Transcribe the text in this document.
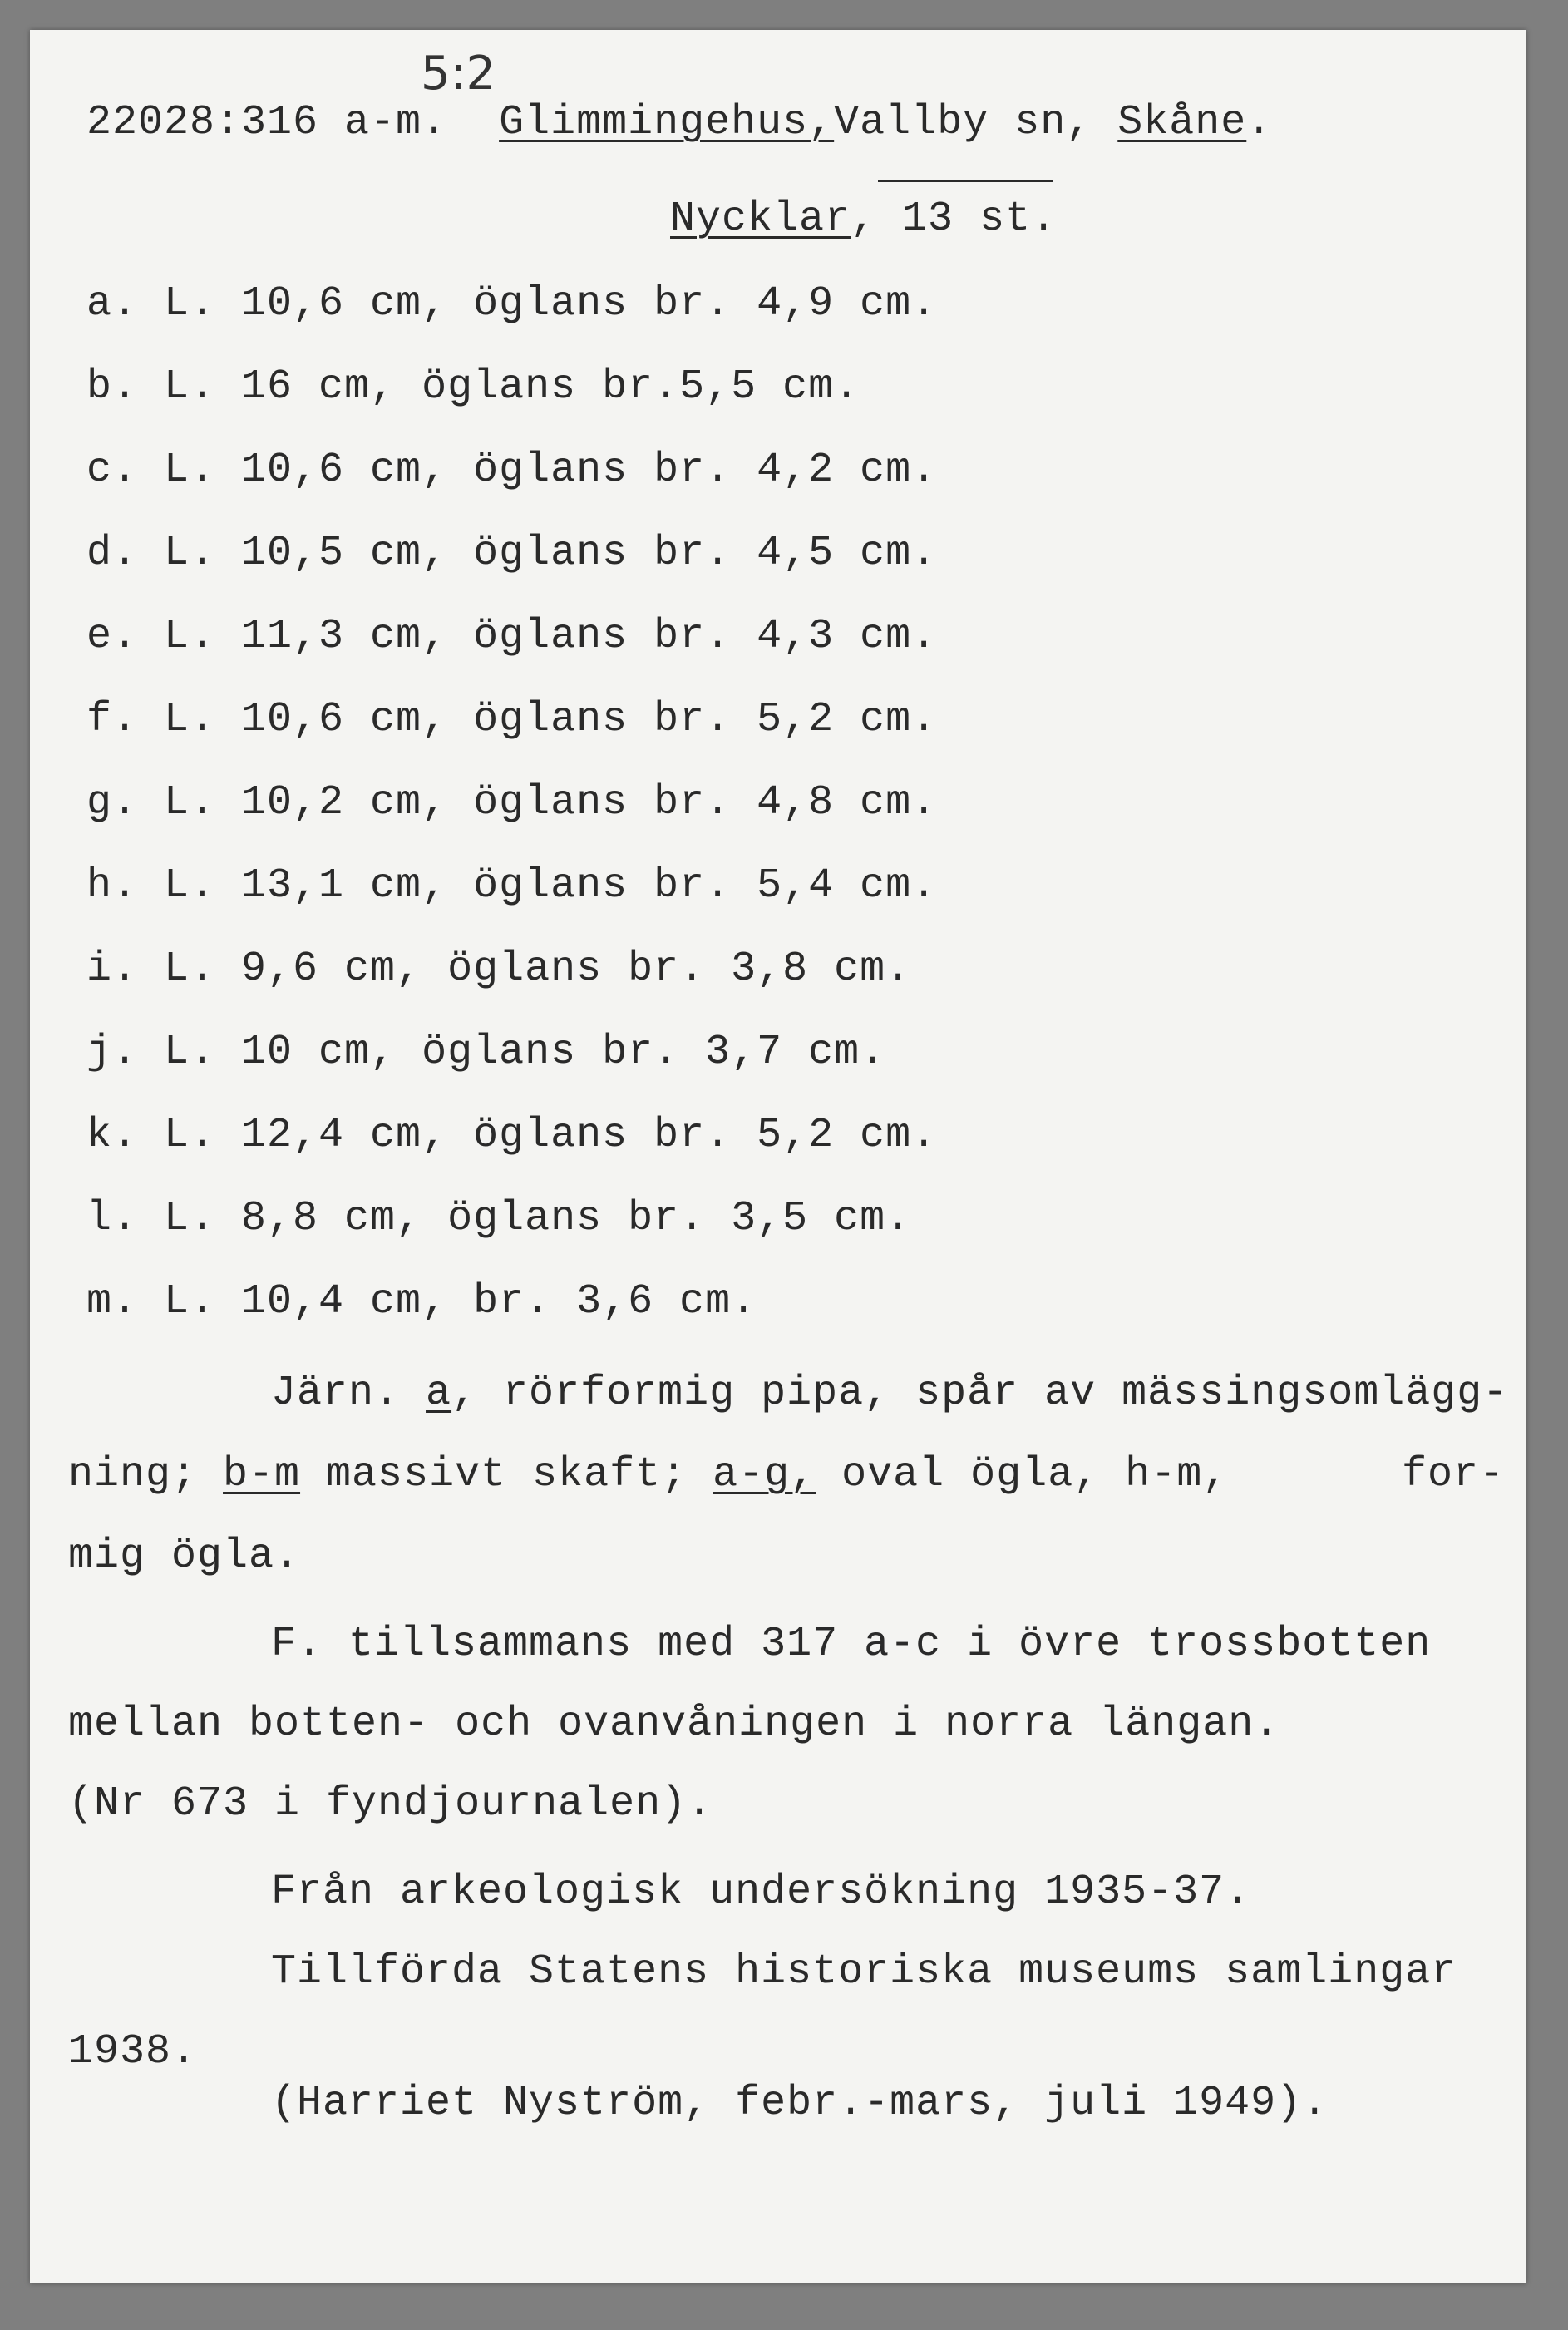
5:2
22028:316 a-m. Glimmingehus,Vallby sn, Skåne.
Nycklar, 13 st.
a. L. 10,6 cm, öglans br. 4,9 cm.
b. L. 16 cm, öglans br.5,5 cm.
c. L. 10,6 cm, öglans br. 4,2 cm.
d. L. 10,5 cm, öglans br. 4,5 cm.
e. L. 11,3 cm, öglans br. 4,3 cm.
f. L. 10,6 cm, öglans br. 5,2 cm.
g. L. 10,2 cm, öglans br. 4,8 cm.
h. L. 13,1 cm, öglans br. 5,4 cm.
i. L. 9,6 cm, öglans br. 3,8 cm.
j. L. 10 cm, öglans br. 3,7 cm.
k. L. 12,4 cm, öglans br. 5,2 cm.
l. L. 8,8 cm, öglans br. 3,5 cm.
m. L. 10,4 cm, br. 3,6 cm.
Järn. a, rörformig pipa, spår av mässingsomlägg-
ning; b-m massivt skaft; a-g, oval ögla, h-m,	for-
mig ögla.
F. tillsammans med 317 a-c i övre trossbotten
mellan botten- och ovanvåningen i norra längan.
(Nr 673 i fyndjournalen).
Från arkeologisk undersökning 1935-37.
Tillförda Statens historiska museums samlingar
1938.
(Harriet Nyström, febr.-mars, juli 1949).
